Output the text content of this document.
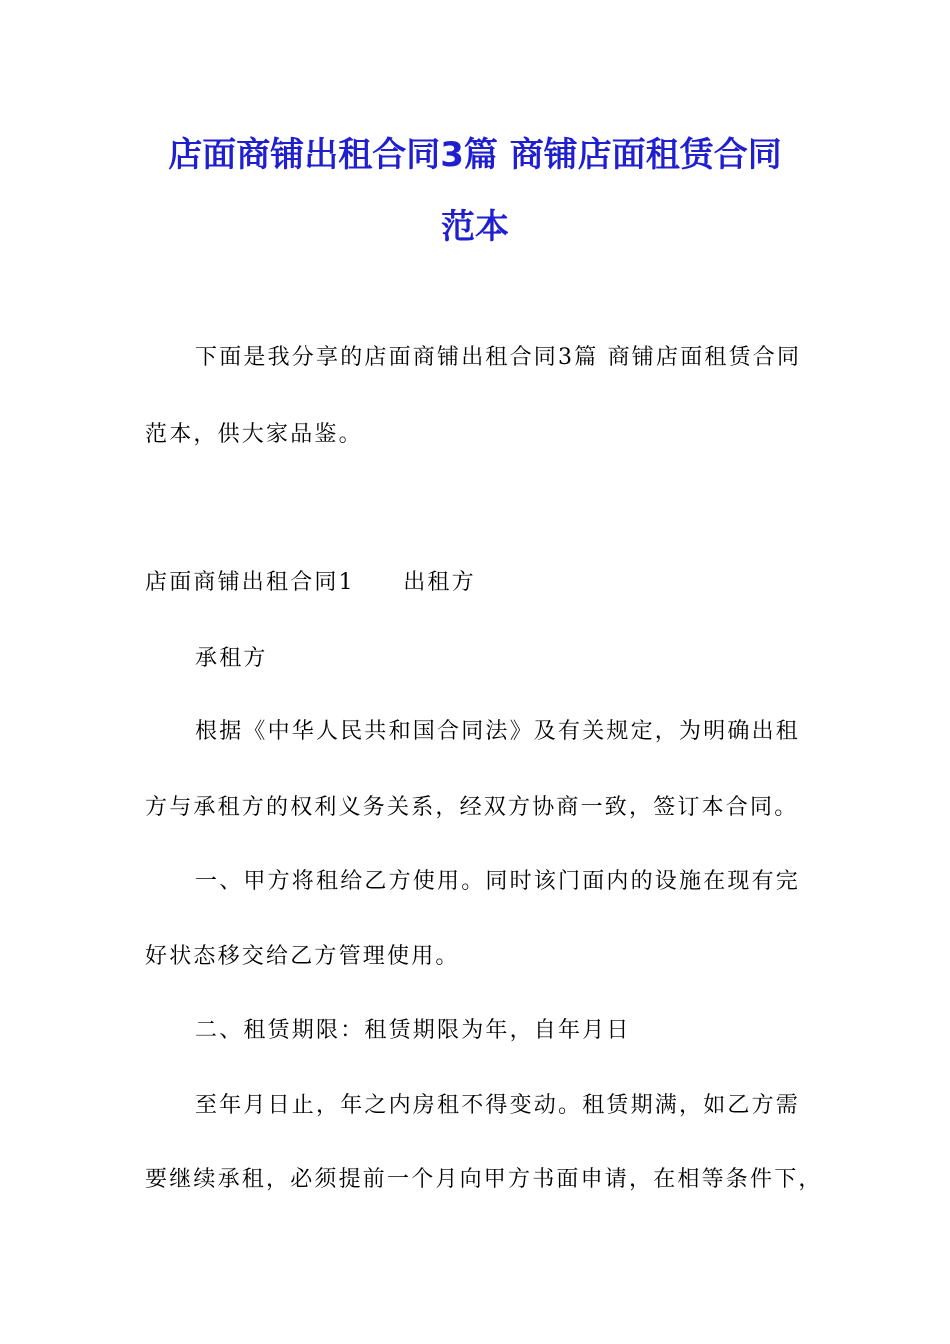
店面商铺出租合同3篇 商铺店面租赁合同
范本
下面是我分享的店面商铺出租合同3篇 商铺店面租赁合同
范本，供大家品鉴。
店面商铺出租合同1　　出租方
承租方
根据《中华人民共和国合同法》及有关规定，为明确出租
方与承租方的权利义务关系，经双方协商一致，签订本合同。
一、甲方将租给乙方使用。同时该门面内的设施在现有完
好状态移交给乙方管理使用。
二、租赁期限：租赁期限为年，自年月日
至年月日止，年之内房租不得变动。租赁期满，如乙方需
要继续承租，必须提前一个月向甲方书面申请，在相等条件下，
